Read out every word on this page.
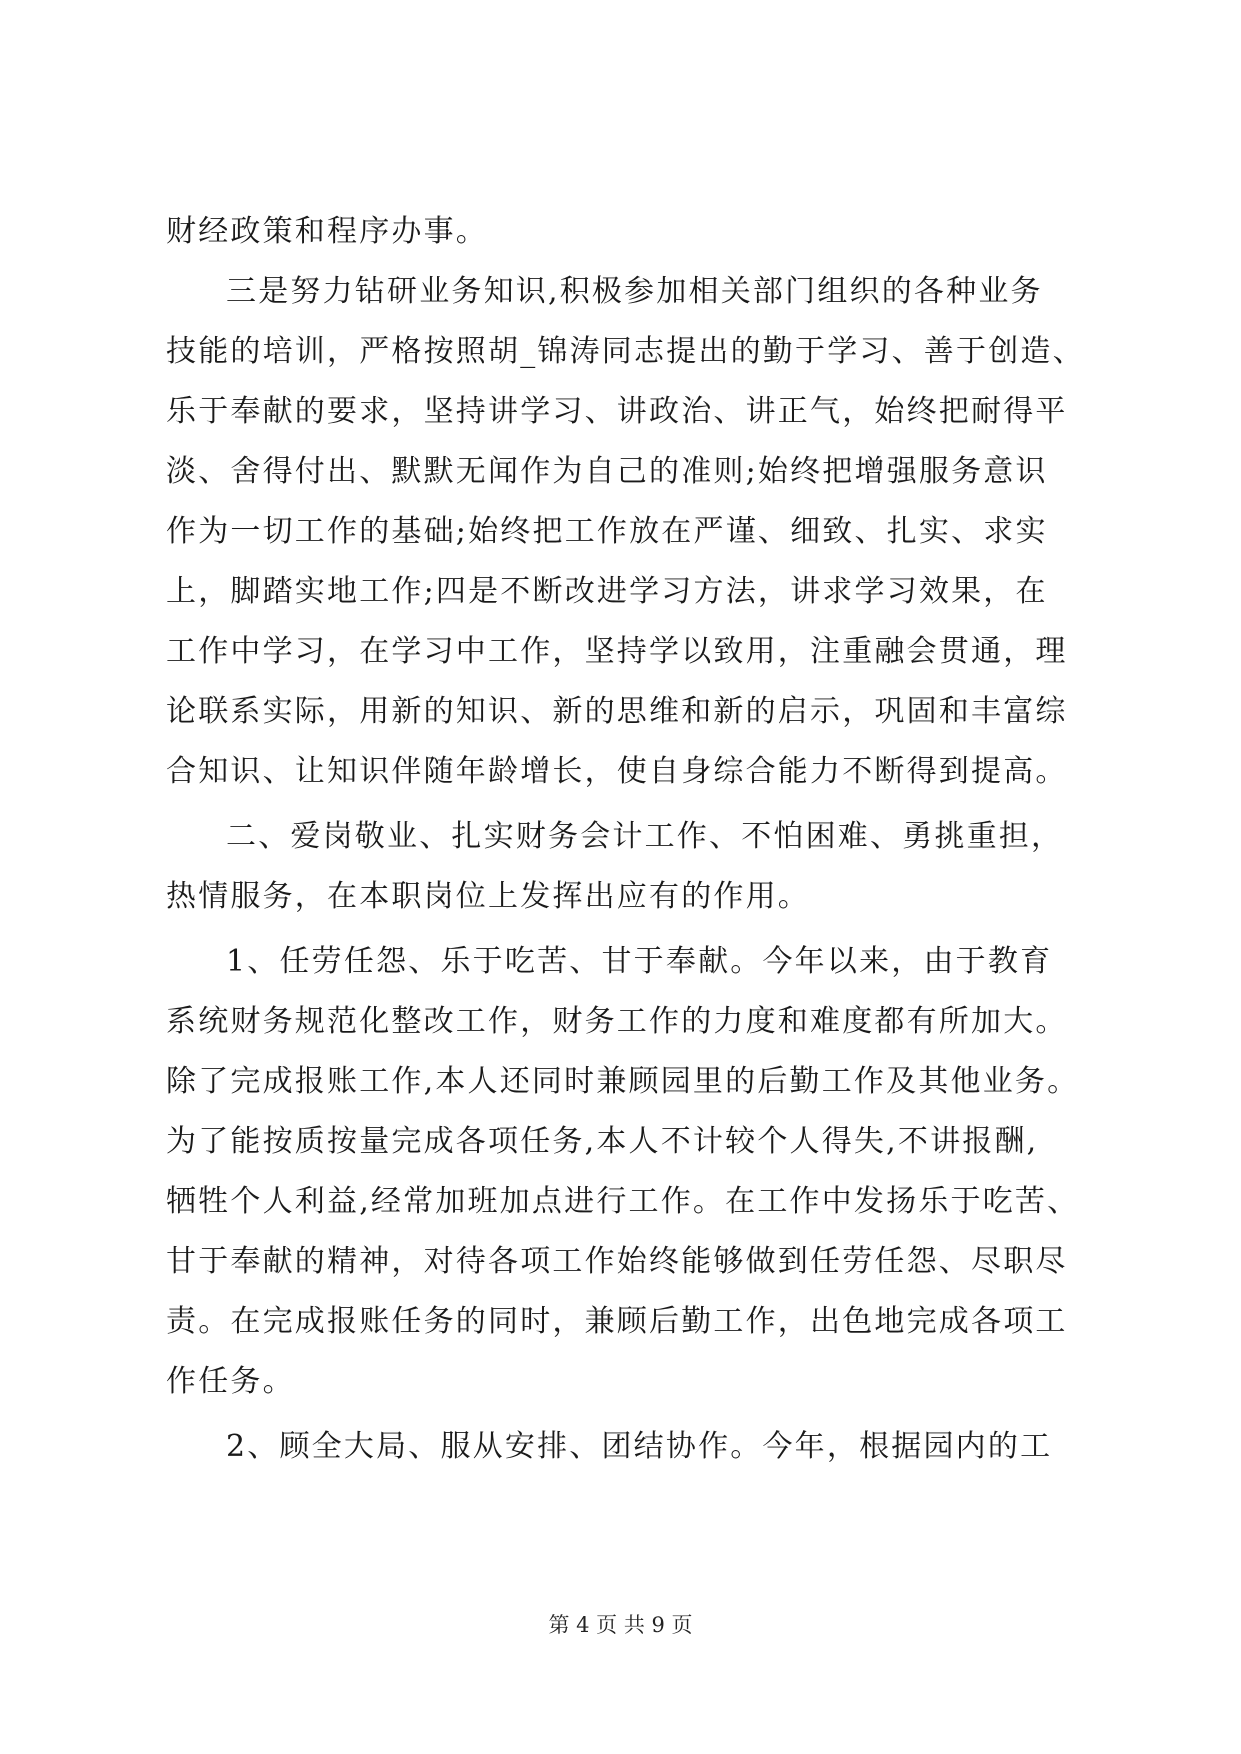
财经政策和程序办事。
三是努力钻研业务知识,积极参加相关部门组织的各种业务
技能的培训，严格按照胡_锦涛同志提出的勤于学习、善于创造、
乐于奉献的要求，坚持讲学习、讲政治、讲正气，始终把耐得平
淡、舍得付出、默默无闻作为自己的准则;始终把增强服务意识
作为一切工作的基础;始终把工作放在严谨、细致、扎实、求实
上，脚踏实地工作;四是不断改进学习方法，讲求学习效果，在
工作中学习，在学习中工作，坚持学以致用，注重融会贯通，理
论联系实际，用新的知识、新的思维和新的启示，巩固和丰富综
合知识、让知识伴随年龄增长，使自身综合能力不断得到提高。
二、爱岗敬业、扎实财务会计工作、不怕困难、勇挑重担，
热情服务，在本职岗位上发挥出应有的作用。
1、任劳任怨、乐于吃苦、甘于奉献。今年以来，由于教育
系统财务规范化整改工作，财务工作的力度和难度都有所加大。
除了完成报账工作,本人还同时兼顾园里的后勤工作及其他业务。
为了能按质按量完成各项任务,本人不计较个人得失,不讲报酬,
牺牲个人利益,经常加班加点进行工作。在工作中发扬乐于吃苦、
甘于奉献的精神，对待各项工作始终能够做到任劳任怨、尽职尽
责。在完成报账任务的同时，兼顾后勤工作，出色地完成各项工
作任务。
2、顾全大局、服从安排、团结协作。今年，根据园内的工
第 4 页 共 9 页
